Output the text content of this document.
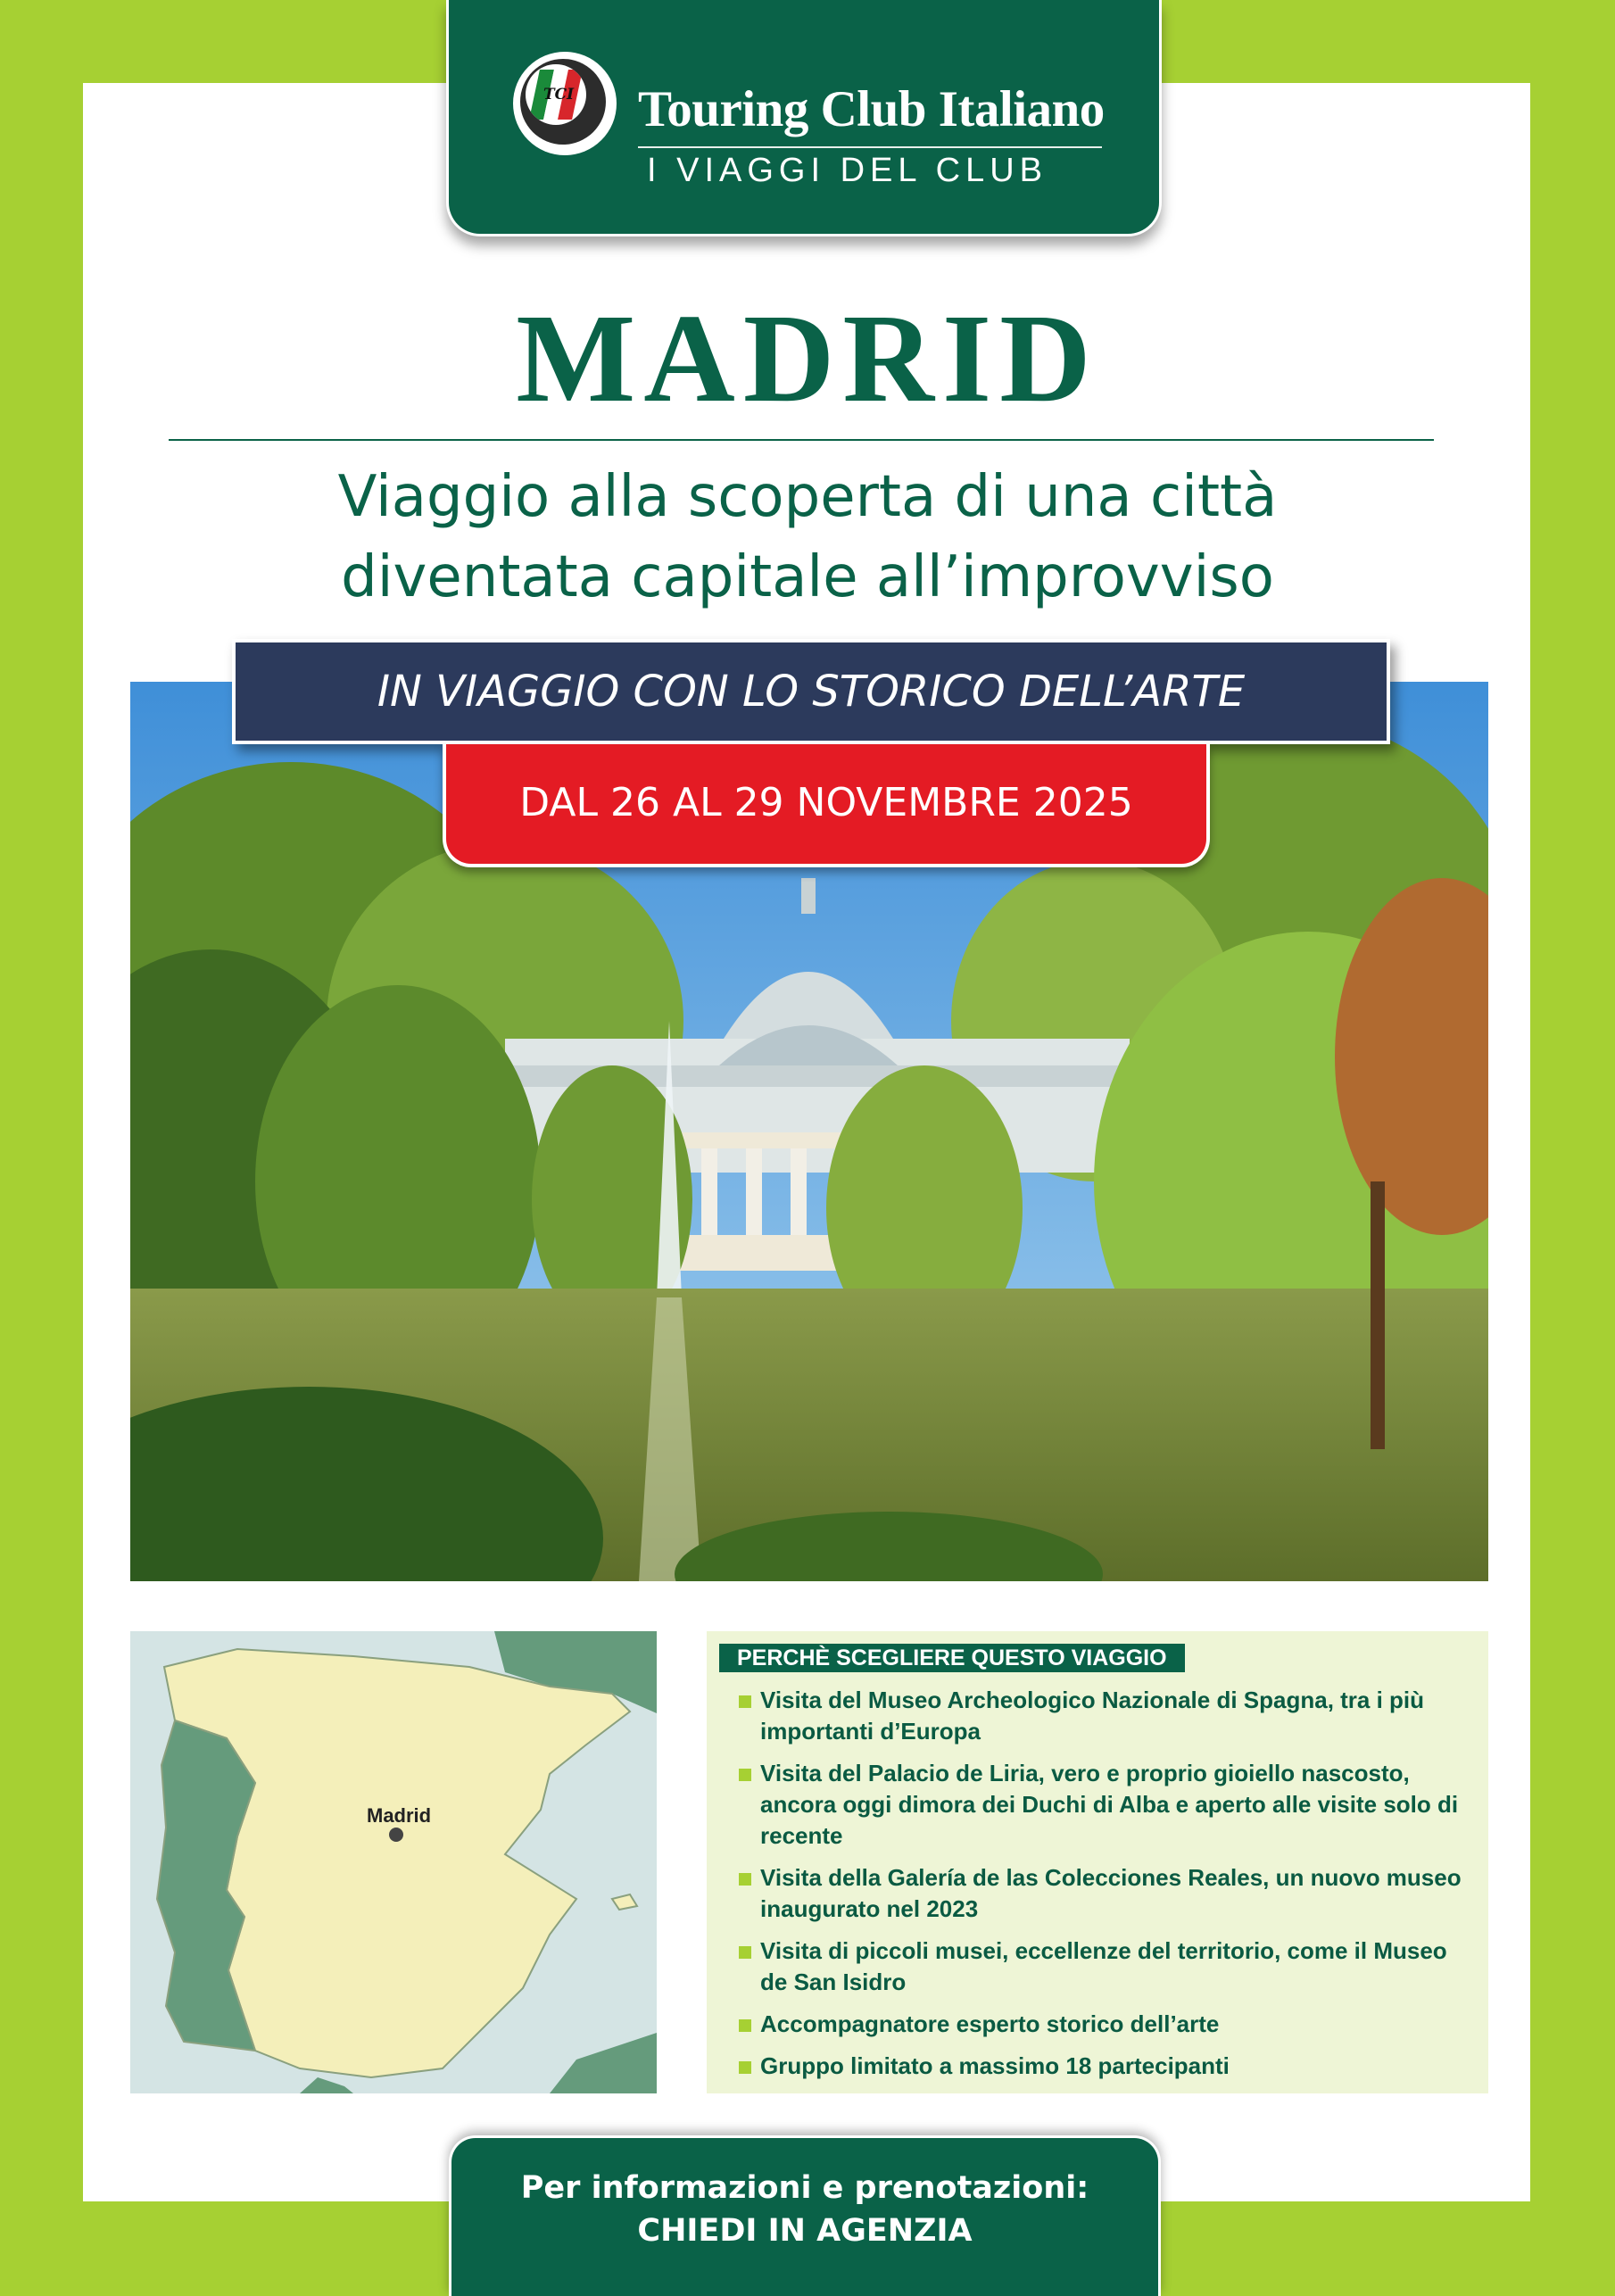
TCI Touring Club Italiano
I VIAGGI DEL CLUB
MADRID
Viaggio alla scoperta di una città
diventata capitale all’improvviso
IN VIAGGIO CON LO STORICO DELL’ARTE
DAL 26 AL 29 NOVEMBRE 2025
Madrid
PERCHÈ SCEGLIERE QUESTO VIAGGIO
Visita del Museo Archeologico Nazionale di Spagna, tra i più importanti d’Europa
Visita del Palacio de Liria, vero e proprio gioiello nascosto, ancora oggi dimora dei Duchi di Alba e aperto alle visite solo di recente
Visita della Galería de las Colecciones Reales, un nuovo museo inaugurato nel 2023
Visita di piccoli musei, eccellenze del territorio, come il Museo de San Isidro
Accompagnatore esperto storico dell’arte
Gruppo limitato a massimo 18 partecipanti
Per informazioni e prenotazioni:
CHIEDI IN AGENZIA
